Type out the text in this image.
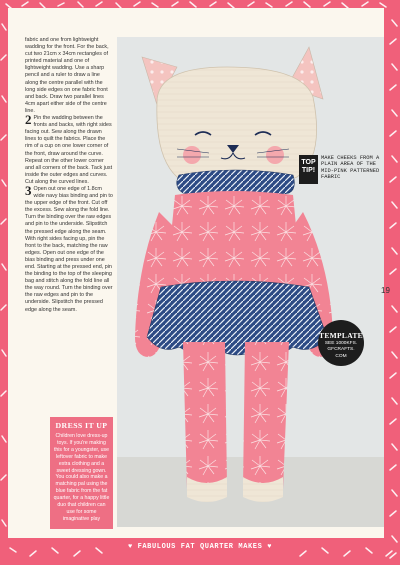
fabric and one from lightweight wadding for the front. For the back, cut two 21cm x 34cm rectangles of printed material and one of lightweight wadding. Use a sharp pencil and a ruler to draw a line along the centre parallel with the long side edges on one fabric front and back. Draw two parallel lines 4cm apart either side of the centre line.

2 Pin the wadding between the fronts and backs, with right sides facing out. Sew along the drawn lines to quilt the fabrics. Place the rim of a cup on one lower corner of the front, draw around the curve. Repeat on the other lower corner and all corners of the back. Tack just inside the outer edges and curves. Cut along the curved lines.

3 Open out one edge of 1.8cm wide navy bias binding and pin to the upper edge of the front. Cut off the excess. Sew along the fold line. Turn the binding over the raw edges and pin to the underside. Slipstitch the pressed edge along the seam. With right sides facing up, pin the front to the back, matching the raw edges. Open out one edge of the bias binding and press under one end. Starting at the pressed end, pin the binding to the top of the sleeping bag and stitch along the fold line all the way round. Turn the binding over the raw edges and pin to the underside. Slipstitch the pressed edge along the seam.

TOP
TIP!
MAKE CHEEKS FROM A PLAIN AREA OF THE MID-PINK PATTERNED FABRIC
TEMPLATE
SEE 1000KFS.
GFCRAFTS.
COM
19
DRESS IT UP

Children love dress-up toys. If you're making this for a youngster, use leftover fabric to make extra clothing and a sweet dressing gown. You could also make a matching pal using the blue fabric from the fat quarter, for a happy little duo that children can use for some imaginative play

♥ FABULOUS FAT QUARTER MAKES ♥
